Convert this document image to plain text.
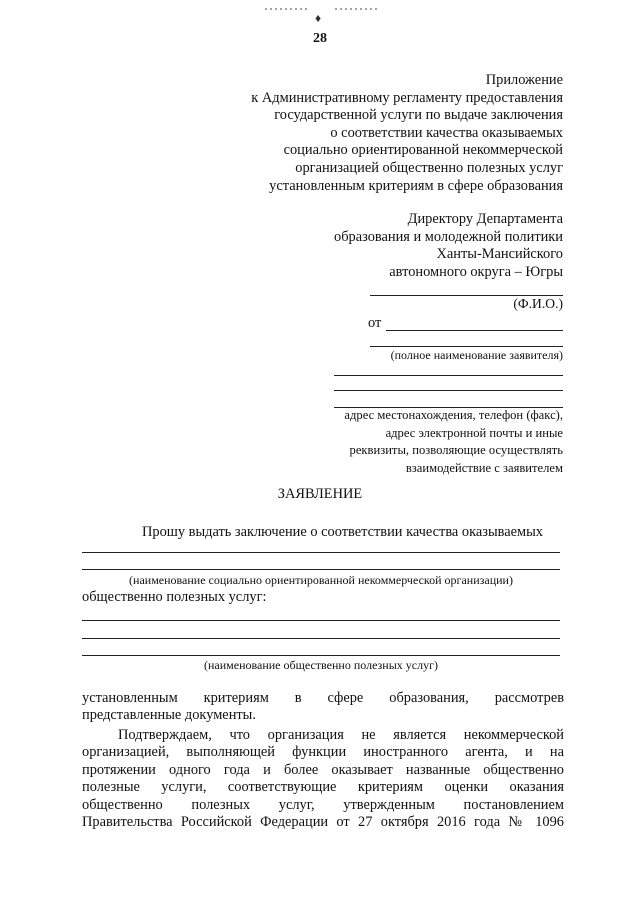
♦
28
Приложение
к Административному регламенту предоставления
государственной услуги по выдаче заключения
о соответствии качества оказываемых
социально ориентированной некоммерческой
организацией общественно полезных услуг
установленным критериям в сфере образования
Директору Департамента
образования и молодежной политики
Ханты-Мансийского
автономного округа – Югры
(Ф.И.О.)
от
(полное наименование заявителя)
адрес местонахождения, телефон (факс),
адрес электронной почты и иные
реквизиты, позволяющие осуществлять
взаимодействие с заявителем
ЗАЯВЛЕНИЕ
Прошу выдать заключение о соответствии качества оказываемых
(наименование социально ориентированной некоммерческой организации)
общественно полезных услуг:
(наименование общественно полезных услуг)
установленным критериям в сфере образования, рассмотрев
представленные документы.
Подтверждаем, что организация не является некоммерческой
организацией, выполняющей функции иностранного агента, и на
протяжении одного года и более оказывает названные общественно
полезные услуги, соответствующие критериям оценки оказания
общественно полезных услуг, утвержденным постановлением
Правительства Российской Федерации от 27 октября 2016 года № 1096
